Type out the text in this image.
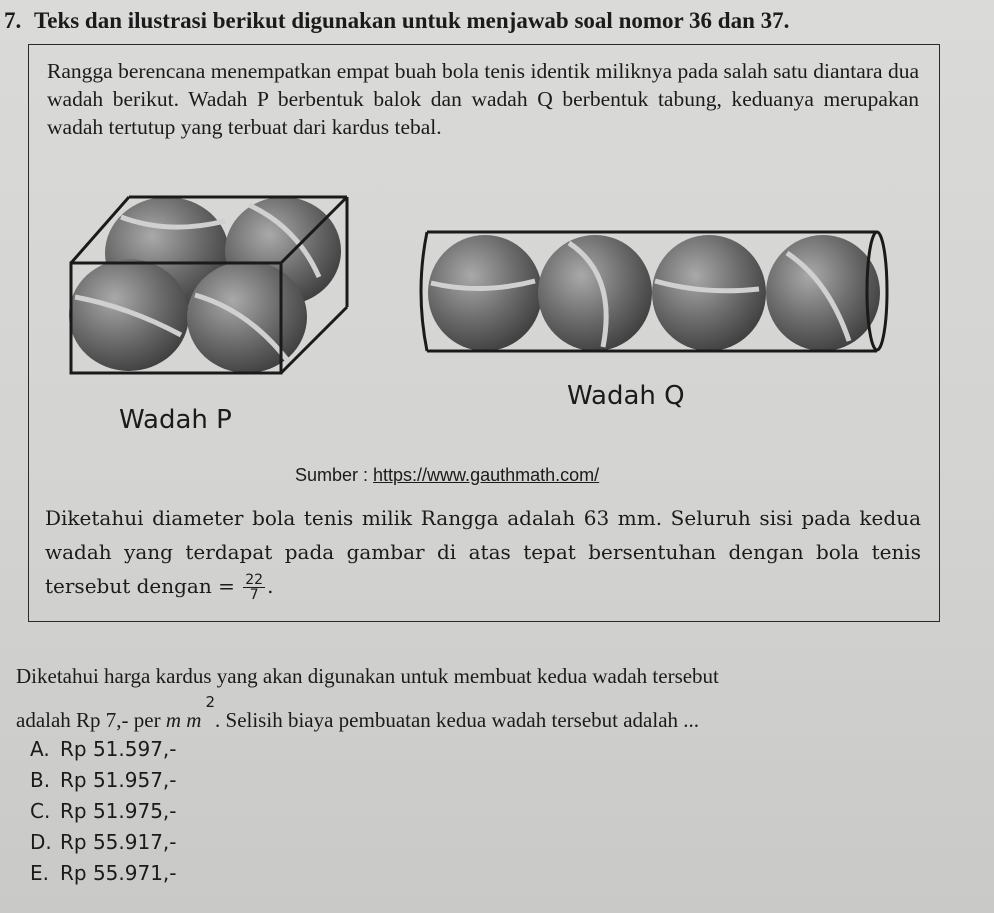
7. Teks dan ilustrasi berikut digunakan untuk menjawab soal nomor 36 dan 37.

Rangga berencana menempatkan empat buah bola tenis identik miliknya pada salah satu diantara dua wadah berikut. Wadah P berbentuk balok dan wadah Q berbentuk tabung, keduanya merupakan wadah tertutup yang terbuat dari kardus tebal.

Wadah P
Wadah Q
Sumber : https://www.gauthmath.com/

Diketahui diameter bola tenis milik Rangga adalah 63 mm. Seluruh sisi pada kedua wadah yang terdapat pada gambar di atas tepat bersentuhan dengan bola tenis tersebut dengan = $\frac{22}{7}$ .

Diketahui harga kardus yang akan digunakan untuk membuat kedua wadah tersebut

adalah Rp 7,- per m $m^2$. Selisih biaya pembuatan kedua wadah tersebut adalah ...

A. Rp 51.597,-
B. Rp 51.957,-
C. Rp 51.975,-
D. Rp 55.917,-
E. Rp 55.971,-
